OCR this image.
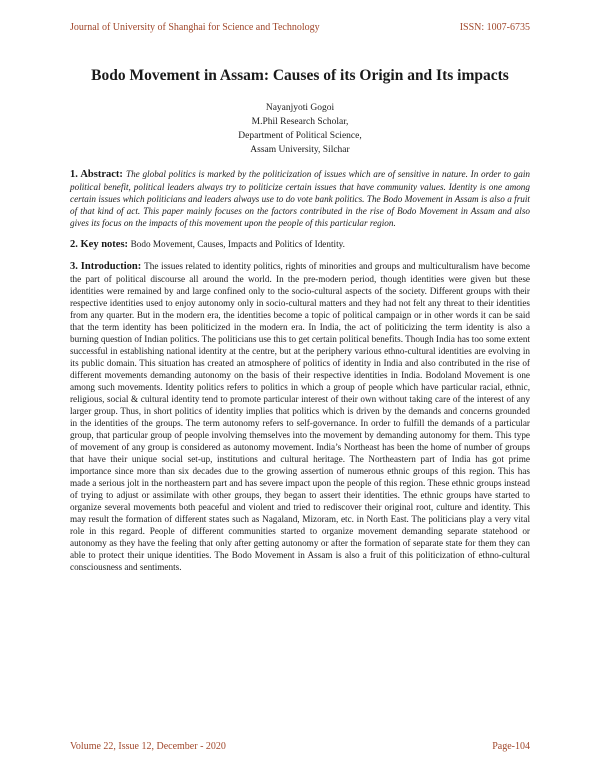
Journal of University of Shanghai for Science and Technology	ISSN: 1007-6735
Bodo Movement in Assam: Causes of its Origin and Its impacts
Nayanjyoti Gogoi
M.Phil Research Scholar,
Department of Political Science,
Assam University, Silchar

1. Abstract: The global politics is marked by the politicization of issues which are of sensitive in nature. In order to gain political benefit, political leaders always try to politicize certain issues that have community values. Identity is one among certain issues which politicians and leaders always use to do vote bank politics. The Bodo Movement in Assam is also a fruit of that kind of act. This paper mainly focuses on the factors contributed in the rise of Bodo Movement in Assam and also gives its focus on the impacts of this movement upon the people of this particular region.

2. Key notes: Bodo Movement, Causes, Impacts and Politics of Identity.

3. Introduction: The issues related to identity politics, rights of minorities and groups and multiculturalism have become the part of political discourse all around the world. In the pre-modern period, though identities were given but these identities were remained by and large confined only to the socio-cultural aspects of the society. Different groups with their respective identities used to enjoy autonomy only in socio-cultural matters and they had not felt any threat to their identities from any quarter. But in the modern era, the identities become a topic of political campaign or in other words it can be said that the term identity has been politicized in the modern era. In India, the act of politicizing the term identity is also a burning question of Indian politics. The politicians use this to get certain political benefits. Though India has too some extent successful in establishing national identity at the centre, but at the periphery various ethno-cultural identities are evolving in its public domain. This situation has created an atmosphere of politics of identity in India and also contributed in the rise of different movements demanding autonomy on the basis of their respective identities in India. Bodoland Movement is one among such movements. Identity politics refers to politics in which a group of people which have particular racial, ethnic, religious, social & cultural identity tend to promote particular interest of their own without taking care of the interest of any larger group. Thus, in short politics of identity implies that politics which is driven by the demands and concerns grounded in the identities of the groups. The term autonomy refers to self-governance. In order to fulfill the demands of a particular group, that particular group of people involving themselves into the movement by demanding autonomy for them. This type of movement of any group is considered as autonomy movement. India’s Northeast has been the home of number of groups that have their unique social set-up, institutions and cultural heritage. The Northeastern part of India has got prime importance since more than six decades due to the growing assertion of numerous ethnic groups of this region. This has made a serious jolt in the northeastern part and has severe impact upon the people of this region. These ethnic groups instead of trying to adjust or assimilate with other groups, they began to assert their identities. The ethnic groups have started to organize several movements both peaceful and violent and tried to rediscover their original root, culture and identity. This may result the formation of different states such as Nagaland, Mizoram, etc. in North East. The politicians play a very vital role in this regard. People of different communities started to organize movement demanding separate statehood or autonomy as they have the feeling that only after getting autonomy or after the formation of separate state for them they can able to protect their unique identities. The Bodo Movement in Assam is also a fruit of this politicization of ethno-cultural consciousness and sentiments.

Volume 22, Issue 12, December - 2020	Page-104
